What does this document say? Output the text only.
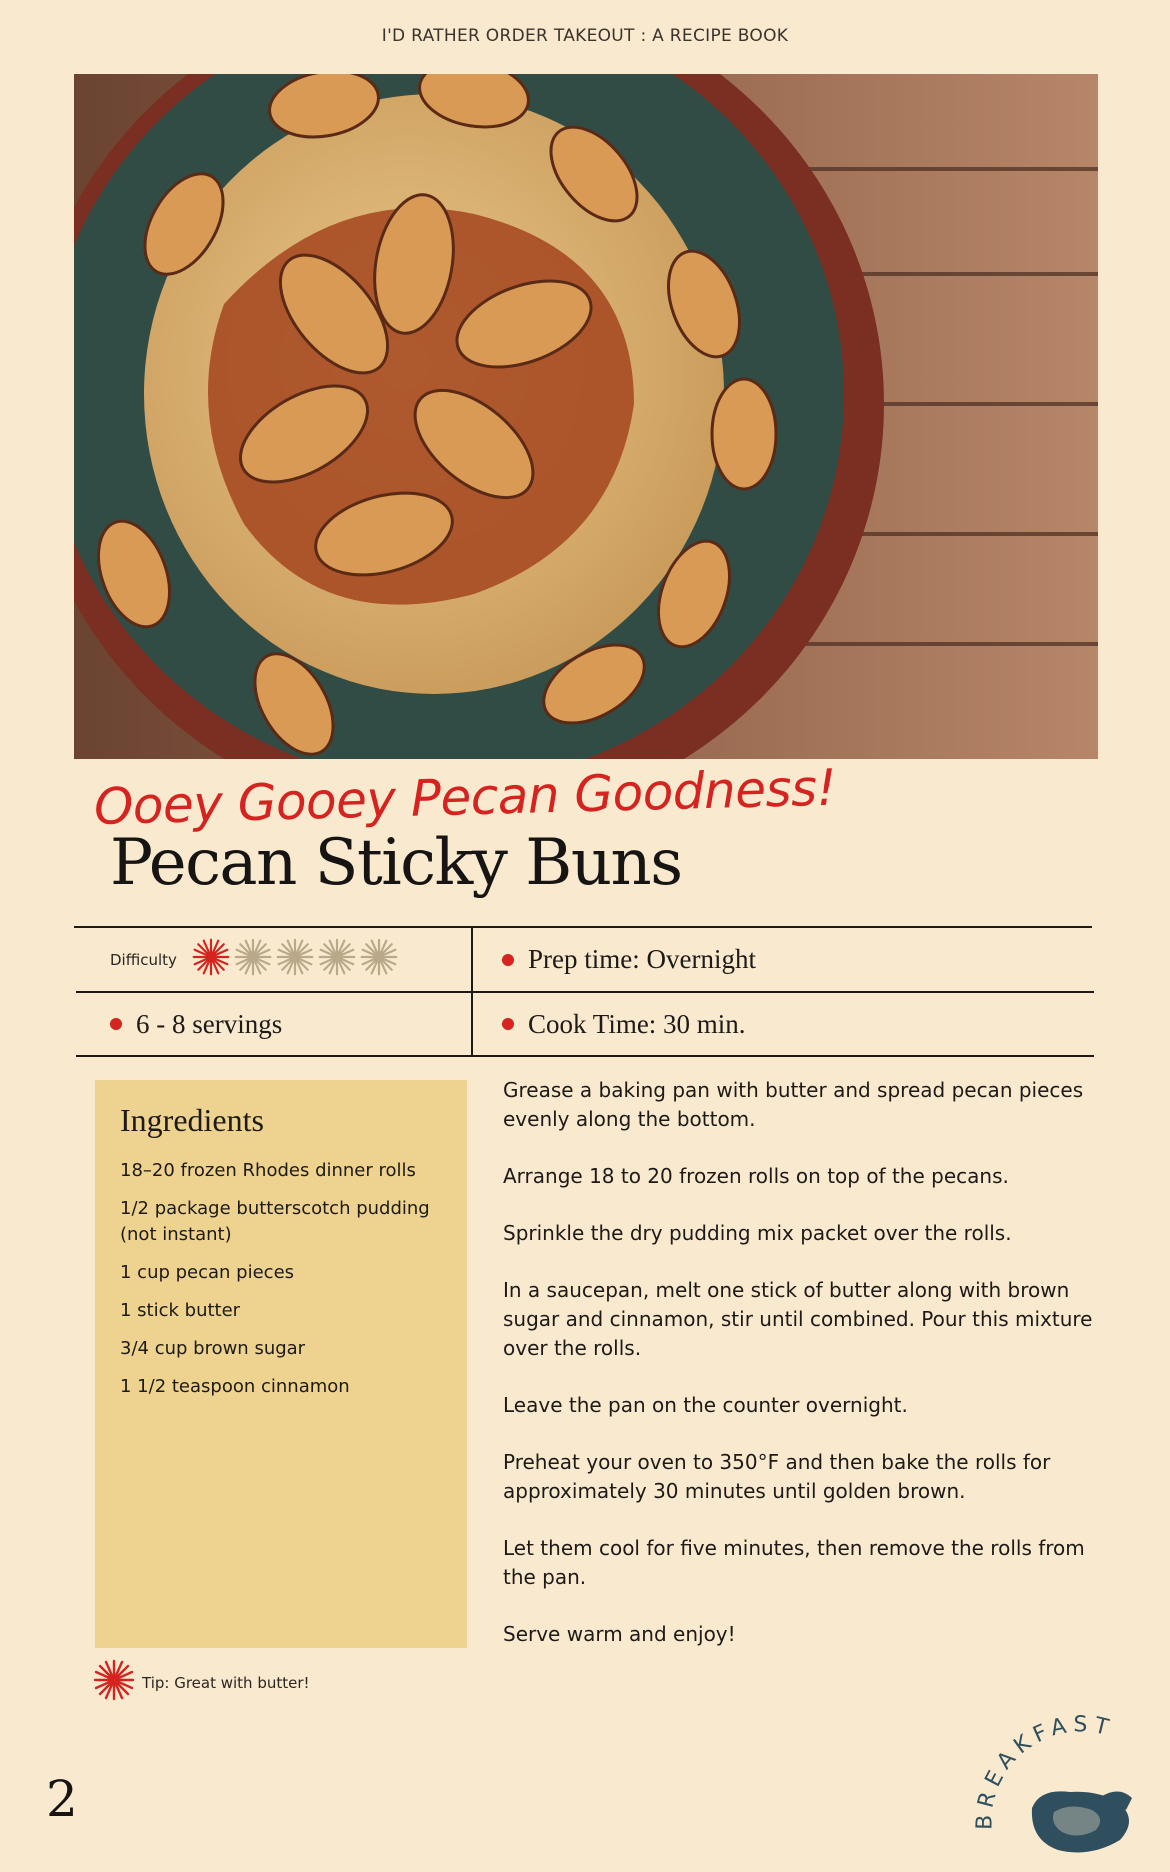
I'D RATHER ORDER TAKEOUT : A RECIPE BOOK
Ooey Gooey Pecan Goodness!
Pecan Sticky Buns
Difficulty	Prep time: Overnight
6 - 8 servings	Cook Time: 30 min.
Ingredients
18–20 frozen Rhodes dinner rolls
1/2 package butterscotch pudding (not instant)
1 cup pecan pieces
1 stick butter
3/4 cup brown sugar
1 1/2 teaspoon cinnamon
Tip: Great with butter!

Grease a baking pan with butter and spread pecan pieces evenly along the bottom.

Arrange 18 to 20 frozen rolls on top of the pecans.

Sprinkle the dry pudding mix packet over the rolls.

In a saucepan, melt one stick of butter along with brown sugar and cinnamon, stir until combined. Pour this mixture over the rolls.

Leave the pan on the counter overnight.

Preheat your oven to 350°F and then bake the rolls for approximately 30 minutes until golden brown.

Let them cool for five minutes, then remove the rolls from the pan.

Serve warm and enjoy!

2	BREAKFAST
